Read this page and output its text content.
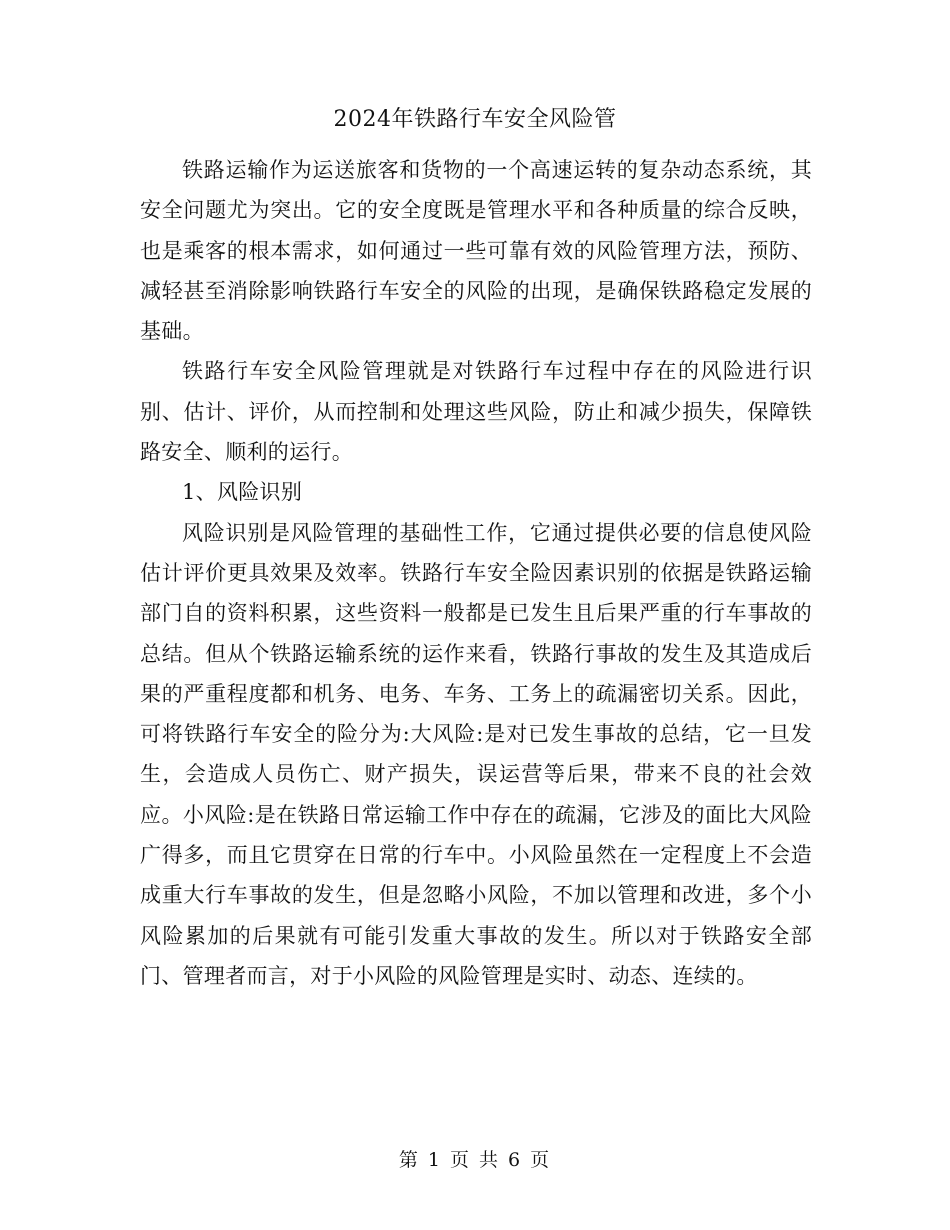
2024年铁路行车安全风险管

铁路运输作为运送旅客和货物的一个高速运转的复杂动态系统，其安全问题尤为突出。它的安全度既是管理水平和各种质量的综合反映，也是乘客的根本需求，如何通过一些可靠有效的风险管理方法，预防、减轻甚至消除影响铁路行车安全的风险的出现，是确保铁路稳定发展的基础。

铁路行车安全风险管理就是对铁路行车过程中存在的风险进行识别、估计、评价，从而控制和处理这些风险，防止和减少损失，保障铁路安全、顺利的运行。

1、风险识别

风险识别是风险管理的基础性工作，它通过提供必要的信息使风险估计评价更具效果及效率。铁路行车安全险因素识别的依据是铁路运输部门自的资料积累，这些资料一般都是已发生且后果严重的行车事故的总结。但从个铁路运输系统的运作来看，铁路行事故的发生及其造成后果的严重程度都和机务、电务、车务、工务上的疏漏密切关系。因此，可将铁路行车安全的险分为:大风险:是对已发生事故的总结，它一旦发生，会造成人员伤亡、财产损失，误运营等后果，带来不良的社会效应。小风险:是在铁路日常运输工作中存在的疏漏，它涉及的面比大风险广得多，而且它贯穿在日常的行车中。小风险虽然在一定程度上不会造成重大行车事故的发生，但是忽略小风险，不加以管理和改进，多个小风险累加的后果就有可能引发重大事故的发生。所以对于铁路安全部门、管理者而言，对于小风险的风险管理是实时、动态、连续的。

第 1 页 共 6 页
